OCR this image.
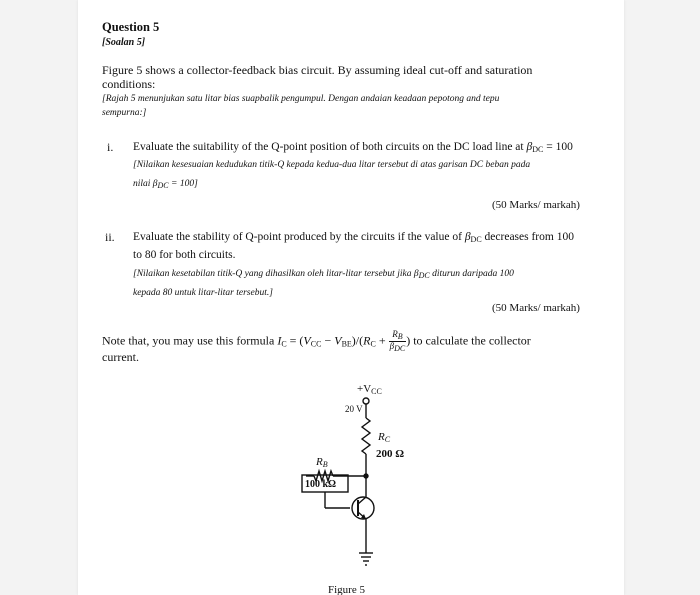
Question 5
[Soalan 5]
Figure 5 shows a collector-feedback bias circuit. By assuming ideal cut-off and saturation
conditions:
[Rajah 5 menunjukan satu litar bias suapbalik pengumpul. Dengan andaian keadaan pepotong and tepu
sempurna:]
i. Evaluate the suitability of the Q-point position of both circuits on the DC load line at $\beta_{DC} = 100$
[Nilaikan kesesuaian kedudukan titik-Q kepada kedua-dua litar tersebut di atas garisan DC beban pada
nilai $\beta_{DC} = 100$]
(50 Marks/ markah)
ii. Evaluate the stability of Q-point produced by the circuits if the value of $\beta_{DC}$ decreases from 100
to 80 for both circuits.
[Nilaikan kesetabilan titik-Q yang dihasilkan oleh litar-litar tersebut jika $\beta_{DC}$ diturun daripada 100
kepada 80 untuk litar-litar tersebut.]
(50 Marks/ markah)
Note that, you may use this formula $I_C = (V_{CC} - V_{BE})/(R_C + \frac{R_B}{\beta_{DC}}$ ) to calculate the collector
current.
+VCC
20 V
RC
200 Ω
RB
100 kΩ
Figure 5
